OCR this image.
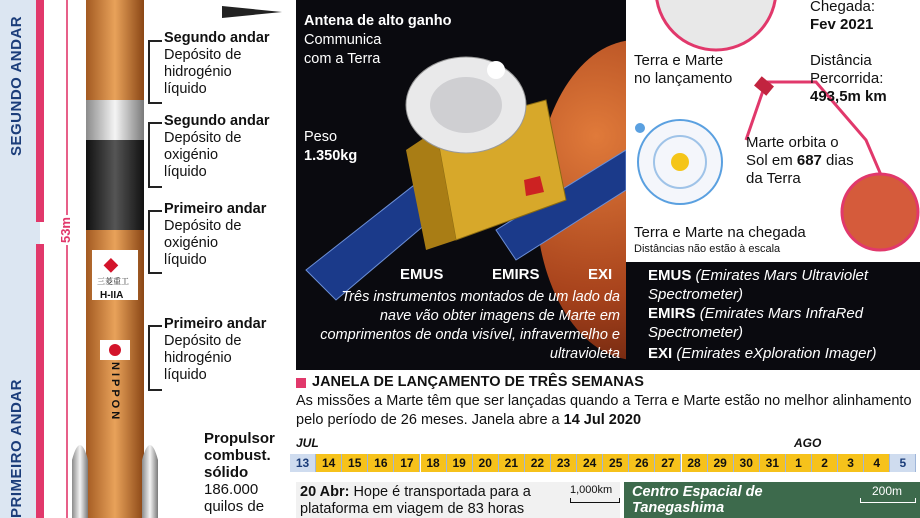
SEGUNDO ANDAR
PRIMEIRO ANDAR
53m
◆
三菱重工
H-IIA
NIPPON
Segundo andar
Depósito de hidrogénio líquido
Segundo andar
Depósito de oxigénio líquido
Primeiro andar
Depósito de oxigénio líquido
Primeiro andar
Depósito de hidrogénio líquido
Propulsor combust. sólido
186.000 quilos de
Antena de alto ganho
Communica com a Terra
Peso
1.350kg
EMUS	EMIRS	EXI
Três instrumentos montados de um lado da nave vão obter imagens de Marte em comprimentos de onda visível, infravermelho e ultravioleta
Chegada:
Fev 2021
Distância Percorrida:
493,5m km
Terra e Marte no lançamento
Marte orbita o Sol em 687 dias da Terra
Terra e Marte na chegada
Distâncias não estão à escala
EMUS (Emirates Mars Ultraviolet Spectrometer)
EMIRS (Emirates Mars InfraRed Spectrometer)
EXI (Emirates eXploration Imager)
JANELA DE LANÇAMENTO DE TRÊS SEMANAS
As missões a Marte têm que ser lançadas quando a Terra e Marte estão no melhor alinhamento pelo período de 26 meses. Janela abre a 14 Jul 2020
JUL	AGO
13	14	15	16	17	18	19	20	21	22	23	24	25	26	27	28	29	30	31	1	2	3	4	5
20 Abr: Hope é transportada para a plataforma em viagem de 83 horas
1,000km Centro Espacial de Tanegashima
200m
